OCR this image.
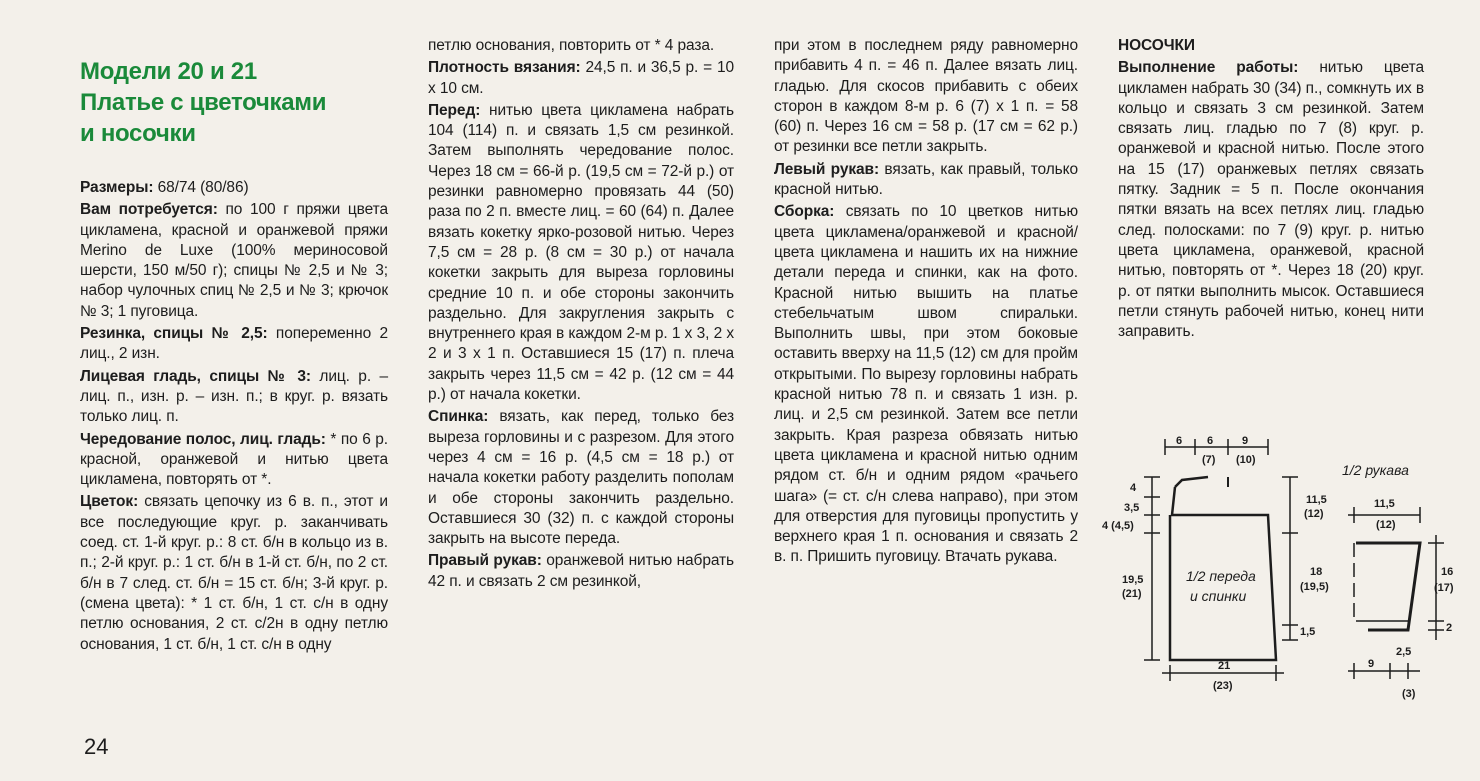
Модели 20 и 21
Платье с цветочками
и носочки

Размеры: 68/74 (80/86)

Вам потребуется: по 100 г пряжи цвета цикламена, красной и оранжевой пряжи Merino de Luxe (100% мериносовой шерсти, 150 м/50 г); спицы № 2,5 и № 3; набор чулочных спиц № 2,5 и № 3; крючок № 3; 1 пуговица.

Резинка, спицы № 2,5: попеременно 2 лиц., 2 изн.

Лицевая гладь, спицы № 3: лиц. р. – лиц. п., изн. р. – изн. п.; в круг. р. вязать только лиц. п.

Чередование полос, лиц. гладь: * по 6 р. красной, оранжевой и нитью цвета цикламена, повторять от *.

Цветок: связать цепочку из 6 в. п., этот и все последующие круг. р. заканчивать соед. ст. 1-й круг. р.: 8 ст. б/н в кольцо из в. п.; 2-й круг. р.: 1 ст. б/н в 1-й ст. б/н, по 2 ст. б/н в 7 след. ст. б/н = 15 ст. б/н; 3-й круг. р. (смена цвета): * 1 ст. б/н, 1 ст. с/н в одну петлю основания, 2 ст. с/2н в одну петлю основания, 1 ст. б/н, 1 ст. с/н в одну

петлю основания, повторить от * 4 раза.

Плотность вязания: 24,5 п. и 36,5 р. = 10 x 10 см.

Перед: нитью цвета цикламена набрать 104 (114) п. и связать 1,5 см резинкой. Затем выполнять чередование полос. Через 18 см = 66-й р. (19,5 см = 72-й р.) от резинки равномерно провязать 44 (50) раза по 2 п. вместе лиц. = 60 (64) п. Далее вязать кокетку ярко-розовой нитью. Через 7,5 см = 28 р. (8 см = 30 р.) от начала кокетки закрыть для выреза горловины средние 10 п. и обе стороны закончить раздельно. Для закругления закрыть с внутреннего края в каждом 2-м р. 1 x 3, 2 x 2 и 3 x 1 п. Оставшиеся 15 (17) п. плеча закрыть через 11,5 см = 42 р. (12 см = 44 р.) от начала кокетки.

Спинка: вязать, как перед, только без выреза горловины и с разрезом. Для этого через 4 см = 16 р. (4,5 см = 18 р.) от начала кокетки работу разделить пополам и обе стороны закончить раздельно. Оставшиеся 30 (32) п. с каждой стороны закрыть на высоте переда.

Правый рукав: оранжевой нитью набрать 42 п. и связать 2 см резинкой,

при этом в последнем ряду равномерно прибавить 4 п. = 46 п. Далее вязать лиц. гладью. Для скосов прибавить с обеих сторон в каждом 8-м р. 6 (7) x 1 п. = 58 (60) п. Через 16 см = 58 р. (17 см = 62 р.) от резинки все петли закрыть.

Левый рукав: вязать, как правый, только красной нитью.

Сборка: связать по 10 цветков нитью цвета цикламена/оранжевой и красной/цвета цикламена и нашить их на нижние детали переда и спинки, как на фото. Красной нитью вышить на платье стебельчатым швом спиральки. Выполнить швы, при этом боковые оставить вверху на 11,5 (12) см для пройм открытыми. По вырезу горловины набрать красной нитью 78 п. и связать 1 изн. р. лиц. и 2,5 см резинкой. Затем все петли закрыть. Края разреза обвязать нитью цвета цикламена и красной нитью одним рядом ст. б/н и одним рядом «рачьего шага» (= ст. с/н слева направо), при этом для отверстия для пуговицы пропустить у верхнего края 1 п. основания и связать 2 в. п. Пришить пуговицу. Втачать рукава.

НОСОЧКИ

Выполнение работы: нитью цвета цикламен набрать 30 (34) п., сомкнуть их в кольцо и связать 3 см резинкой. Затем связать лиц. гладью по 7 (8) круг. р. оранжевой и красной нитью. После этого на 15 (17) оранжевых петлях связать пятку. Задник = 5 п. После окончания пятки вязать на всех петлях лиц. гладью след. полосками: по 7 (9) круг. р. нитью цвета цикламена, оранжевой, красной нитью, повторять от *. Через 18 (20) круг. р. от пятки выполнить мысок. Оставшиеся петли стянуть рабочей нитью, конец нити заправить.

6 6	9
(7) (10)
4
3,5
4 (4,5)
19,5
(21)
11,5
(12)
18
(19,5)
1,5
21
(23)
1/2 переда
и спинки
1/2 рукава
11,5
(12)
16
(17)
2
9
2,5
(3)
24
